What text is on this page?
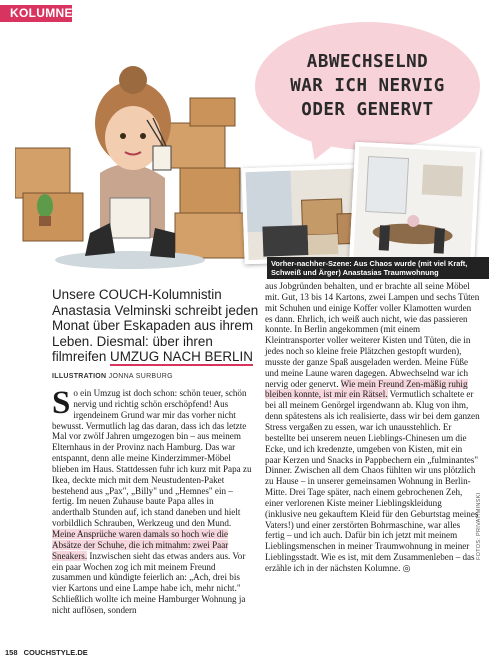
KOLUMNE
ABWECHSELND
WAR ICH NERVIG
ODER GENERVT
Vorher-nachher-Szene: Aus Chaos wurde (mit viel Kraft, Schweiß und Ärger) Anastasias Traumwohnung
Unsere COUCH-Kolumnistin Anastasia Velminski schreibt jeden Monat über Eskapaden aus ihrem Leben. Diesmal: über ihren filmreifen UMZUG NACH BERLIN
ILLUSTRATION JONNA SURBURG

So ein Umzug ist doch schon: schön teuer, schön nervig und richtig schön erschöpfend! Aus irgendeinem Grund war mir das vorher nicht bewusst. Vermutlich lag das daran, dass ich das letzte Mal vor zwölf Jahren umgezogen bin – aus meinem Elternhaus in der Provinz nach Hamburg. Das war entspannt, denn alle meine Kinderzimmer-Möbel blieben im Haus. Stattdessen fuhr ich kurz mit Papa zu Ikea, deckte mich mit dem Neustudenten-Paket bestehend aus „Pax", „Billy" und „Hemnes" ein – fertig. Im neuen Zuhause baute Papa alles in anderthalb Stunden auf, ich stand daneben und hielt vorbildlich Schrauben, Werkzeug und den Mund. Meine Ansprüche waren damals so hoch wie die Absätze der Schuhe, die ich mitnahm: zwei Paar Sneakers. Inzwischen sieht das etwas anders aus. Vor ein paar Wochen zog ich mit meinem Freund zusammen und kündigte feierlich an: „Ach, drei bis vier Kartons und eine Lampe habe ich, mehr nicht." Schließlich wollte ich meine Hamburger Wohnung ja nicht auflösen, sondern

aus Jobgründen behalten, und er brachte all seine Möbel mit. Gut, 13 bis 14 Kartons, zwei Lampen und sechs Tüten mit Schuhen und einige Koffer voller Klamotten wurden es dann. Ehrlich, ich weiß auch nicht, wie das passieren konnte. In Berlin angekommen (mit einem Kleintransporter voller weiterer Kisten und Tüten, die in jedes noch so kleine freie Plätzchen gestopft wurden), musste der ganze Spaß ausgeladen werden. Meine Füße und meine Laune waren dagegen. Abwechselnd war ich nervig oder genervt. Wie mein Freund Zen-mäßig ruhig bleiben konnte, ist mir ein Rätsel. Vermutlich schaltete er bei all meinem Genörgel irgendwann ab. Klug von ihm, denn spätestens als ich realisierte, dass wir bei dem ganzen Stress vergaßen zu essen, war ich unausstehlich. Er bestellte bei unserem neuen Lieblings-Chinesen um die Ecke, und ich kredenzte, umgeben von Kisten, mit ein paar Kerzen und Snacks in Pappbechern ein „fulminantes" Dinner. Zwischen all dem Chaos fühlten wir uns plötzlich zu Hause – in unserer gemeinsamen Wohnung in Berlin-Mitte. Drei Tage später, nach einem gebrochenen Zeh, einer verlorenen Kiste meiner Lieblingskleidung (inklusive neu gekauftem Kleid für den Geburtstag meines Vaters!) und einer zerstörten Bohrmaschine, war alles fertig – und ich auch. Dafür bin ich jetzt mit meinem Lieblingsmenschen in meiner Traumwohnung in meiner Lieblingsstadt. Wie es ist, mit dem Zusammenleben – das erzähle ich in der nächsten Kolumne. ◎

FOTOS: PRIVAT/MINSKI
158 COUCHSTYLE.DE
